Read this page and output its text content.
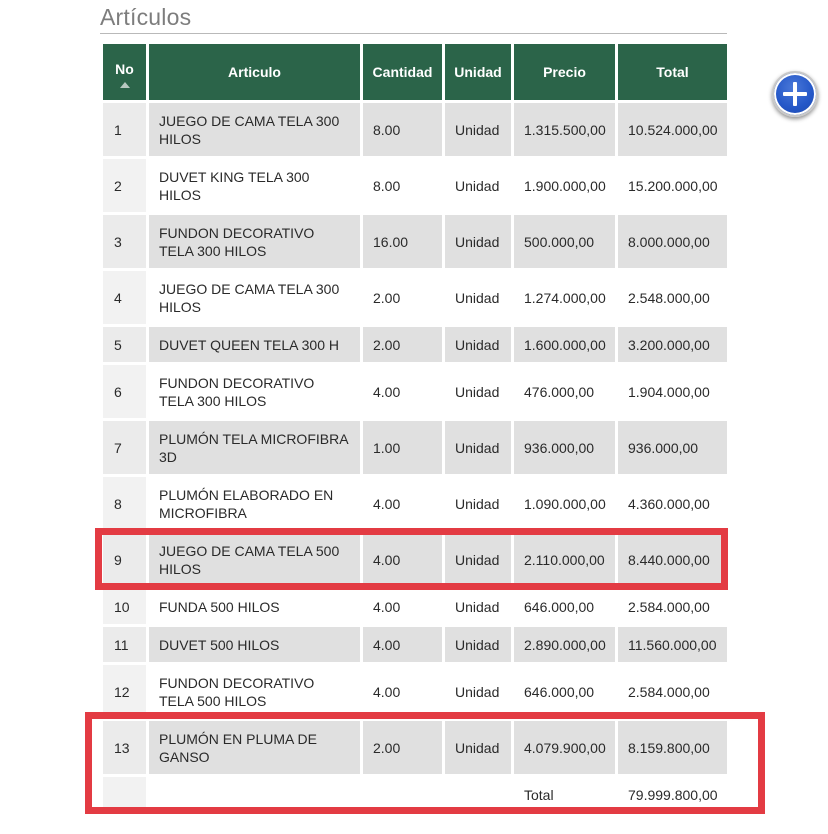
Artículos
No	Articulo	Cantidad	Unidad	Precio	Total
1	JUEGO DE CAMA TELA 300 HILOS	8.00	Unidad	1.315.500,00	10.524.000,00
2	DUVET KING TELA 300 HILOS	8.00	Unidad	1.900.000,00	15.200.000,00
3	FUNDON DECORATIVO TELA 300 HILOS	16.00	Unidad	500.000,00	8.000.000,00
4	JUEGO DE CAMA TELA 300 HILOS	2.00	Unidad	1.274.000,00	2.548.000,00
5	DUVET QUEEN TELA 300 H	2.00	Unidad	1.600.000,00	3.200.000,00
6	FUNDON DECORATIVO TELA 300 HILOS	4.00	Unidad	476.000,00	1.904.000,00
7	PLUMÓN TELA MICROFIBRA 3D	1.00	Unidad	936.000,00	936.000,00
8	PLUMÓN ELABORADO EN MICROFIBRA	4.00	Unidad	1.090.000,00	4.360.000,00
9	JUEGO DE CAMA TELA 500 HILOS	4.00	Unidad	2.110.000,00	8.440.000,00
10	FUNDA 500 HILOS	4.00	Unidad	646.000,00	2.584.000,00
11	DUVET 500 HILOS	4.00	Unidad	2.890.000,00	11.560.000,00
12	FUNDON DECORATIVO TELA 500 HILOS	4.00	Unidad	646.000,00	2.584.000,00
13	PLUMÓN EN PLUMA DE GANSO	2.00	Unidad	4.079.900,00	8.159.800,00
				Total	79.999.800,00
